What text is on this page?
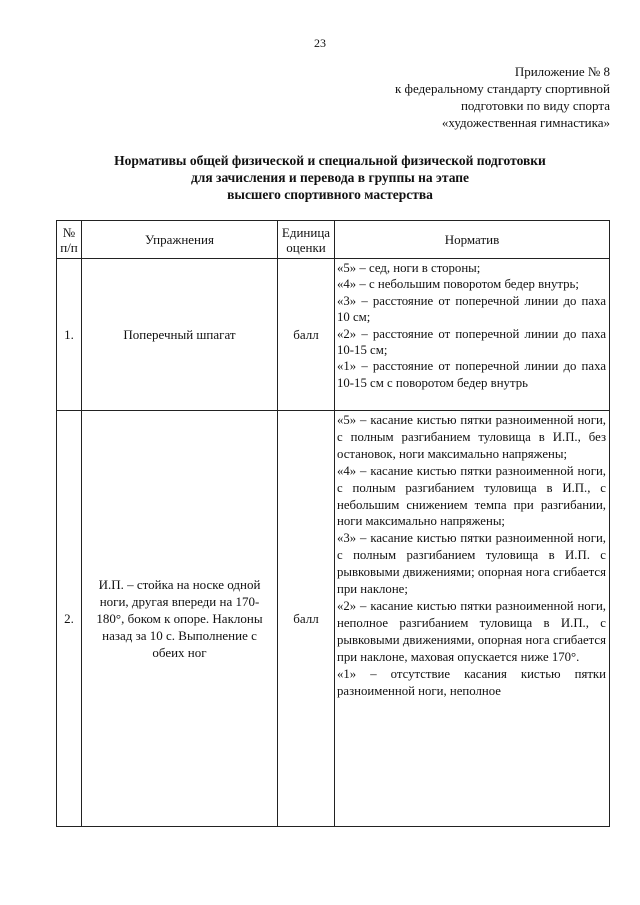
23
Приложение № 8
к федеральному стандарту спортивной
подготовки по виду спорта
«художественная гимнастика»
Нормативы общей физической и специальной физической подготовки
для зачисления и перевода в группы на этапе
высшего спортивного мастерства
№ п/п	Упражнения	Единица оценки	Норматив
1.	Поперечный шпагат	балл	«5» – сед, ноги в стороны;
«4» – с небольшим поворотом бедер внутрь;
«3» – расстояние от поперечной линии до паха 10 см;
«2» – расстояние от поперечной линии до паха 10-15 см;
«1» – расстояние от поперечной линии до паха 10-15 см с поворотом бедер внутрь

2.	И.П. – стойка на носке одной ноги, другая впереди на 170-180°, боком к опоре. Наклоны назад за 10 с. Выполнение с обеих ног	балл	«5» – касание кистью пятки разноименной ноги, с полным разгибанием туловища в И.П., без остановок, ноги максимально напряжены;
«4» – касание кистью пятки разноименной ноги, с полным разгибанием туловища в И.П., с небольшим снижением темпа при разгибании, ноги максимально напряжены;
«3» – касание кистью пятки разноименной ноги, с полным разгибанием туловища в И.П. с рывковыми движениями; опорная нога сгибается при наклоне;
«2» – касание кистью пятки разноименной ноги, неполное разгибанием туловища в И.П., с рывковыми движениями, опорная нога сгибается при наклоне, маховая опускается ниже 170°.
«1» – отсутствие касания кистью пятки разноименной ноги, неполное
